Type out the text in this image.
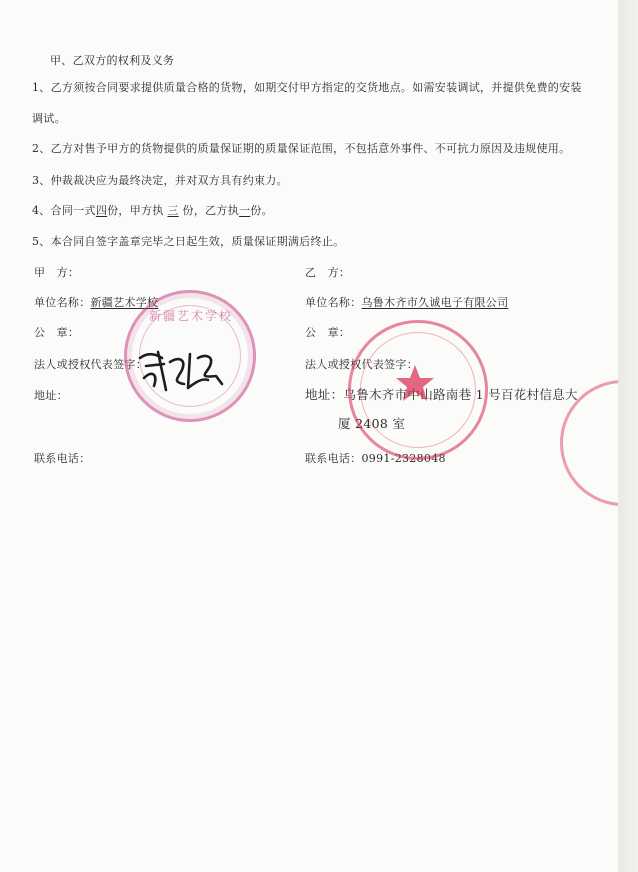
甲、乙双方的权利及义务
1、乙方须按合同要求提供质量合格的货物，如期交付甲方指定的交货地点。如需安装调试，并提供免费的安装
调试。
2、乙方对售予甲方的货物提供的质量保证期的质量保证范围，不包括意外事件、不可抗力原因及违规使用。
3、仲裁裁决应为最终决定，并对双方具有约束力。
4、合同一式四份，甲方执 三 份，乙方执一份。
5、本合同自签字盖章完毕之日起生效，质量保证期满后终止。
甲　方：
单位名称：新疆艺术学校
公　章：
法人或授权代表签字：
地址：
联系电话：
乙　方：
单位名称：乌鲁木齐市久诚电子有限公司
公　章：
法人或授权代表签字：
地址：乌鲁木齐市中山路南巷 1 号百花村信息大
厦 2408 室
联系电话：0991-2328048
新疆艺术学校
